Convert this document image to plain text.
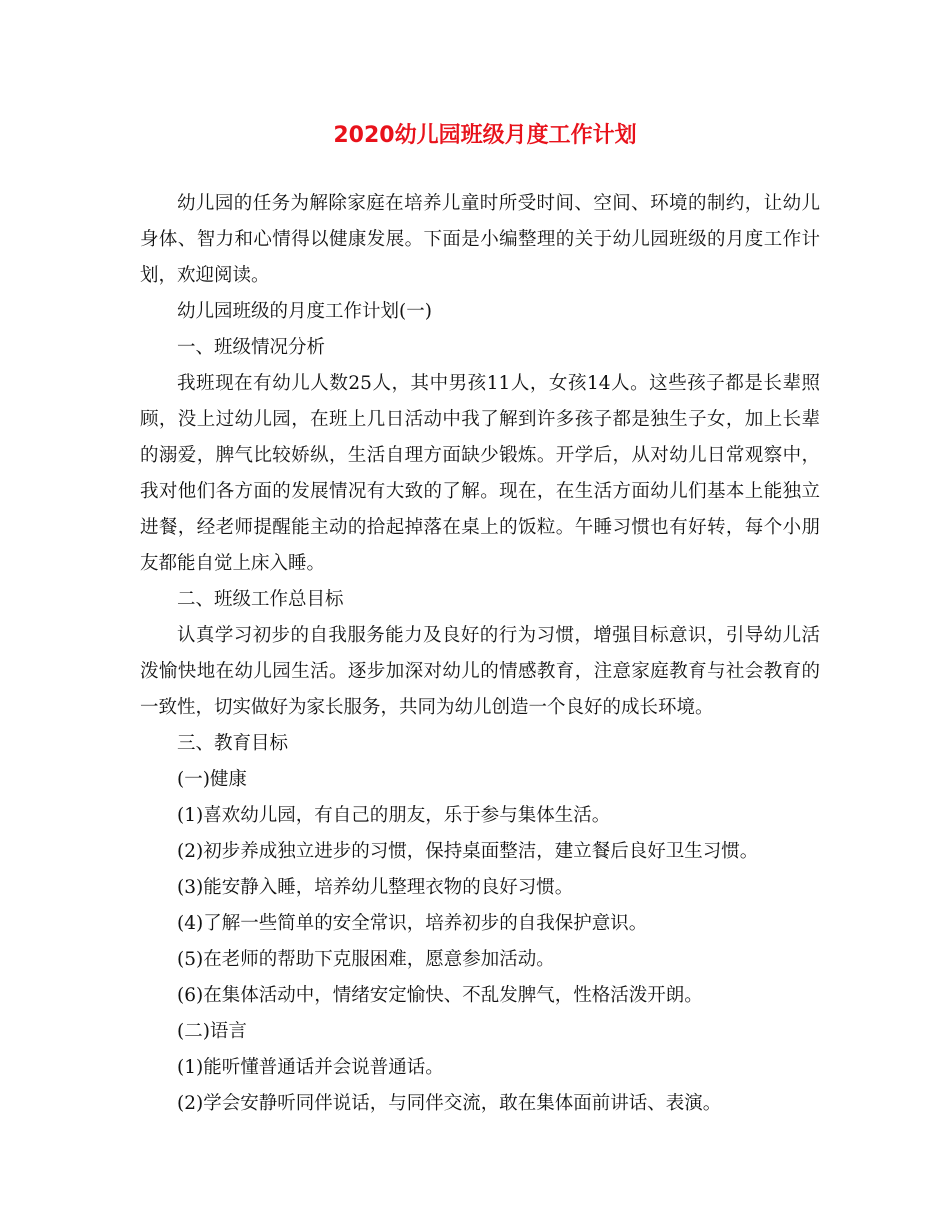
2020幼儿园班级月度工作计划

幼儿园的任务为解除家庭在培养儿童时所受时间、空间、环境的制约，让幼儿身体、智力和心情得以健康发展。下面是小编整理的关于幼儿园班级的月度工作计划，欢迎阅读。

幼儿园班级的月度工作计划(一)

一、班级情况分析

我班现在有幼儿人数25人，其中男孩11人，女孩14人。这些孩子都是长辈照顾，没上过幼儿园，在班上几日活动中我了解到许多孩子都是独生子女，加上长辈的溺爱，脾气比较娇纵，生活自理方面缺少锻炼。开学后，从对幼儿日常观察中，我对他们各方面的发展情况有大致的了解。现在，在生活方面幼儿们基本上能独立进餐，经老师提醒能主动的拾起掉落在桌上的饭粒。午睡习惯也有好转，每个小朋友都能自觉上床入睡。

二、班级工作总目标

认真学习初步的自我服务能力及良好的行为习惯，增强目标意识，引导幼儿活泼愉快地在幼儿园生活。逐步加深对幼儿的情感教育，注意家庭教育与社会教育的一致性，切实做好为家长服务，共同为幼儿创造一个良好的成长环境。

三、教育目标

(一)健康

(1)喜欢幼儿园，有自己的朋友，乐于参与集体生活。

(2)初步养成独立进步的习惯，保持桌面整洁，建立餐后良好卫生习惯。

(3)能安静入睡，培养幼儿整理衣物的良好习惯。

(4)了解一些简单的安全常识，培养初步的自我保护意识。

(5)在老师的帮助下克服困难，愿意参加活动。

(6)在集体活动中，情绪安定愉快、不乱发脾气，性格活泼开朗。

(二)语言

(1)能听懂普通话并会说普通话。

(2)学会安静听同伴说话，与同伴交流，敢在集体面前讲话、表演。
